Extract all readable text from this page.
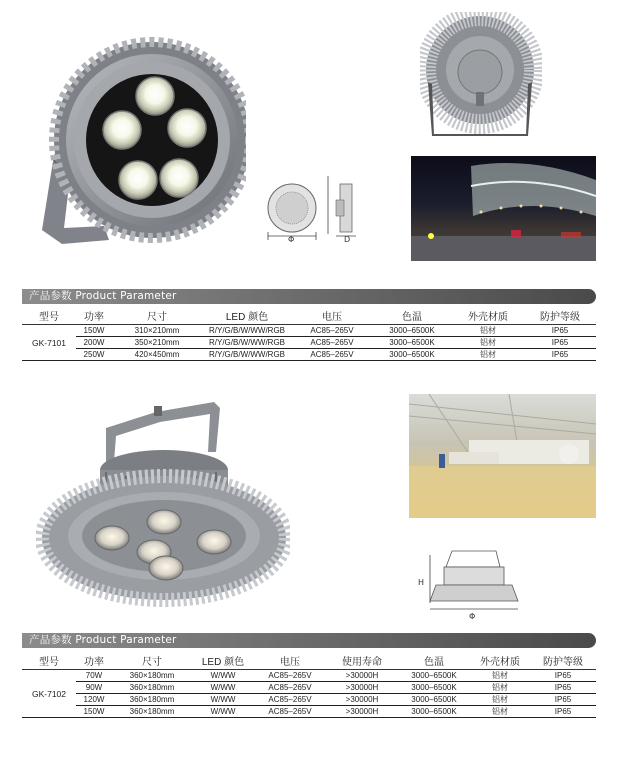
Φ	D
产品参数 Product Parameter
型号	功率	尺寸	LED 颜色	电压	色温	外壳材质	防护等级
GK-7101	150W	310×210mm	R/Y/G/B/W/WW/RGB	AC85–265V	3000–6500K	铝材	IP65
	200W	350×210mm	R/Y/G/B/W/WW/RGB	AC85–265V	3000–6500K	铝材	IP65
	250W	420×450mm	R/Y/G/B/W/WW/RGB	AC85–265V	3000–6500K	铝材	IP65
H
Φ
产品参数 Product Parameter
型号	功率	尺寸	LED 颜色	电压	使用寿命	色温	外壳材质	防护等级
GK-7102	70W	360×180mm	W/WW	AC85–265V	>30000H	3000–6500K	铝材	IP65
	90W	360×180mm	W/WW	AC85–265V	>30000H	3000–6500K	铝材	IP65
	120W	360×180mm	W/WW	AC85–265V	>30000H	3000–6500K	铝材	IP65
	150W	360×180mm	W/WW	AC85–265V	>30000H	3000–6500K	铝材	IP65
